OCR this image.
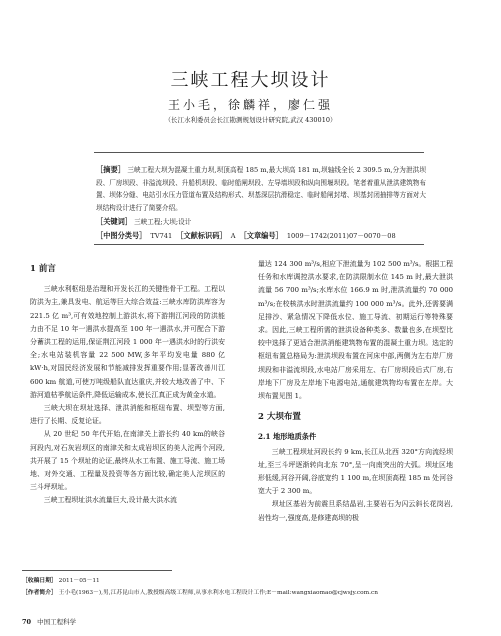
三峡工程大坝设计
王小毛，徐麟祥，廖仁强
（长江水利委员会长江勘测规划设计研究院,武汉 430010）
［摘要］ 三峡工程大坝为混凝土重力坝,坝顶高程 185 m,最大坝高 181 m,坝轴线全长 2 309.5 m,分为泄洪坝段、厂房坝段、非溢流坝段、升船机坝段、临时船闸坝段、左导墙坝段和纵向围堰坝段。笔者着重从泄洪建筑物布置、坝体分缝、电站引水压力管道布置及结构形式、坝基深层抗滑稳定、临时船闸封堵、坝基封闭抽排等方面对大坝结构设计进行了简要介绍。
［关键词］ 三峡工程;大坝;设计
［中图分类号］ TV741 ［文献标识码］ A ［文章编号］ 1009－1742(2011)07－0070－08
1 前言

三峡水利枢纽是治理和开发长江的关键性骨干工程。工程以防洪为主,兼具发电、航运等巨大综合效益:三峡水库防洪库容为 221.5 亿 m³,可有效地控制上游洪水,将下游荆江河段的防洪能力由不足 10 年一遇洪水提高至 100 年一遇洪水,并可配合下游分蓄洪工程的运用,保证荆江河段 1 000 年一遇洪水时的行洪安全;水电站装机容量 22 500 MW,多年平均发电量 880 亿 kW·h,对国民经济发展和节能减排发挥重要作用;显著改善川江 600 km 航道,可使万吨级船队直达重庆,并较大地改善了中、下游河道枯季航运条件,降低运输成本,使长江真正成为黄金水道。

三峡大坝在坝址选择、泄洪消能和枢纽布置、坝型等方面,进行了长期、反复论证。

从 20 世纪 50 年代开始,在南津关上游长约 40 km的峡谷河段内,对石灰岩坝区的南津关和太成岩坝区的美人沱两个河段,共开展了 15 个坝址的论证,最终从水工布置、施工导流、施工场地、对外交通、工程量及投资等各方面比较,确定美人沱坝区的三斗坪坝址。

三峡工程坝址洪水流量巨大,设计最大洪水流

量达 124 300 m³/s,相应下泄流量为 102 500 m³/s。根据工程任务和水库调控洪水要求,在防洪限制水位 145 m 时,最大泄洪流量 56 700 m³/s;水库水位 166.9 m 时,泄洪流量约 70 000 m³/s;在校核洪水时泄洪流量约 100 000 m³/s。此外,还需要满足排沙、紧急情况下降低水位、施工导流、初期运行等特殊要求。因此,三峡工程所需的泄洪设备种类多、数量也多,在坝型比较中选择了更适合泄洪消能建筑物布置的混凝土重力坝。选定的枢纽布置总格局为:泄洪坝段布置在河床中部,两侧为左右岸厂房坝段和非溢流坝段,水电站厂房采用左、右厂房坝段后式厂房,右岸地下厂房及左岸地下电源电站,通航建筑物均布置在左岸。大坝布置见图 1。

2 大坝布置
2.1 地形地质条件

三峡工程坝址河段长约 9 km,长江从北西 320°方向流经坝址,至三斗坪逐渐转向北东 70°,呈一向南突出的大弧。坝址区地形低缓,河谷开阔,谷底宽约 1 100 m,在坝顶高程 185 m 处河谷宽大于 2 300 m。

坝址区基岩为前震旦系结晶岩,主要岩石为闪云斜长花岗岩,岩性均一,强度高,是修建高坝的极

［收稿日期］ 2011－05－11
［作者简介］ 王小毛(1963－),男,江苏昆山市人,教授级高级工程师,从事水利水电工程设计工作;E－mail:wangxiaomao@cjwsjy.com.cn
70 中国工程科学
